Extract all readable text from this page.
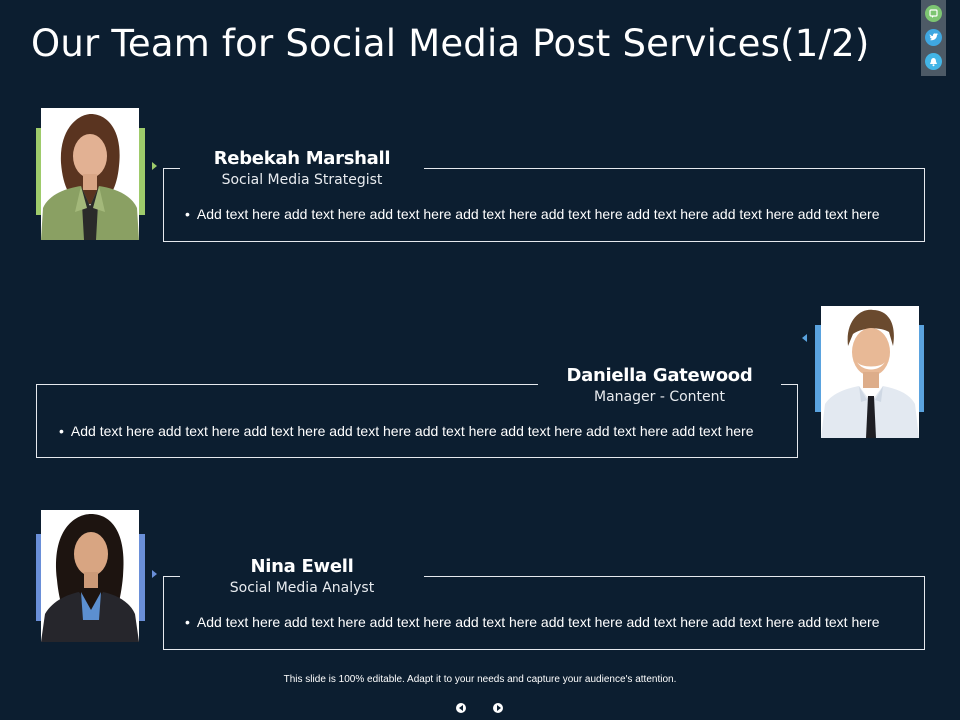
Our Team for Social Media Post Services(1/2)
Rebekah Marshall
Social Media Strategist
• Add text here add text here add text here add text here add text here add text here add text here add text here
Daniella Gatewood
Manager - Content
• Add text here add text here add text here add text here add text here add text here add text here add text here
Nina Ewell
Social Media Analyst
• Add text here add text here add text here add text here add text here add text here add text here add text here
This slide is 100% editable. Adapt it to your needs and capture your audience's attention.
